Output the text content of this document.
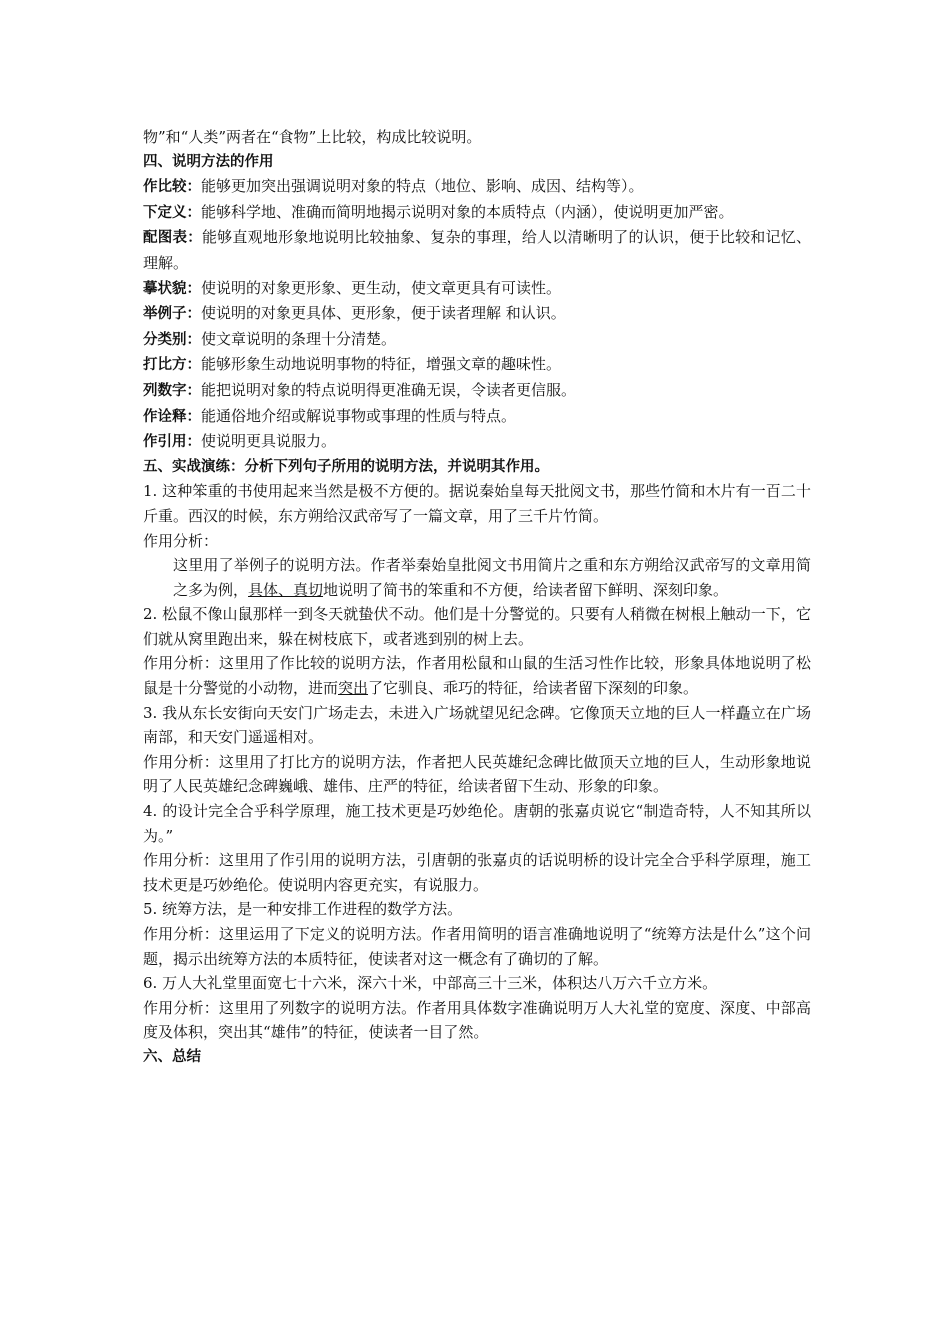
物”和“人类”两者在“食物”上比较，构成比较说明。
四、说明方法的作用
作比较：能够更加突出强调说明对象的特点（地位、影响、成因、结构等）。
下定义：能够科学地、准确而简明地揭示说明对象的本质特点（内涵），使说明更加严密。
配图表：能够直观地形象地说明比较抽象、复杂的事理，给人以清晰明了的认识，便于比较和记忆、理解。
摹状貌：使说明的对象更形象、更生动，使文章更具有可读性。
举例子：使说明的对象更具体、更形象，便于读者理解 和认识。
分类别：使文章说明的条理十分清楚。
打比方：能够形象生动地说明事物的特征，增强文章的趣味性。
列数字：能把说明对象的特点说明得更准确无误，令读者更信服。
作诠释：能通俗地介绍或解说事物或事理的性质与特点。
作引用：使说明更具说服力。
五、实战演练：分析下列句子所用的说明方法，并说明其作用。
1. 这种笨重的书使用起来当然是极不方便的。据说秦始皇每天批阅文书，那些竹简和木片有一百二十斤重。西汉的时候，东方朔给汉武帝写了一篇文章，用了三千片竹简。
作用分析：
这里用了举例子的说明方法。作者举秦始皇批阅文书用简片之重和东方朔给汉武帝写的文章用简之多为例，具体、真切地说明了简书的笨重和不方便，给读者留下鲜明、深刻印象。
2. 松鼠不像山鼠那样一到冬天就蛰伏不动。他们是十分警觉的。只要有人稍微在树根上触动一下，它们就从窝里跑出来，躲在树枝底下，或者逃到别的树上去。
作用分析：这里用了作比较的说明方法，作者用松鼠和山鼠的生活习性作比较，形象具体地说明了松鼠是十分警觉的小动物，进而突出了它驯良、乖巧的特征，给读者留下深刻的印象。
3. 我从东长安街向天安门广场走去，未进入广场就望见纪念碑。它像顶天立地的巨人一样矗立在广场南部，和天安门遥遥相对。
作用分析：这里用了打比方的说明方法，作者把人民英雄纪念碑比做顶天立地的巨人，生动形象地说明了人民英雄纪念碑巍峨、雄伟、庄严的特征，给读者留下生动、形象的印象。
4. 的设计完全合乎科学原理，施工技术更是巧妙绝伦。唐朝的张嘉贞说它“制造奇特，人不知其所以为。”
作用分析：这里用了作引用的说明方法，引唐朝的张嘉贞的话说明桥的设计完全合乎科学原理，施工技术更是巧妙绝伦。使说明内容更充实，有说服力。
5. 统筹方法，是一种安排工作进程的数学方法。
作用分析：这里运用了下定义的说明方法。作者用简明的语言准确地说明了“统筹方法是什么”这个问题，揭示出统筹方法的本质特征，使读者对这一概念有了确切的了解。
6. 万人大礼堂里面宽七十六米，深六十米，中部高三十三米，体积达八万六千立方米。
作用分析：这里用了列数字的说明方法。作者用具体数字准确说明万人大礼堂的宽度、深度、中部高度及体积，突出其“雄伟”的特征，使读者一目了然。
六、总结
